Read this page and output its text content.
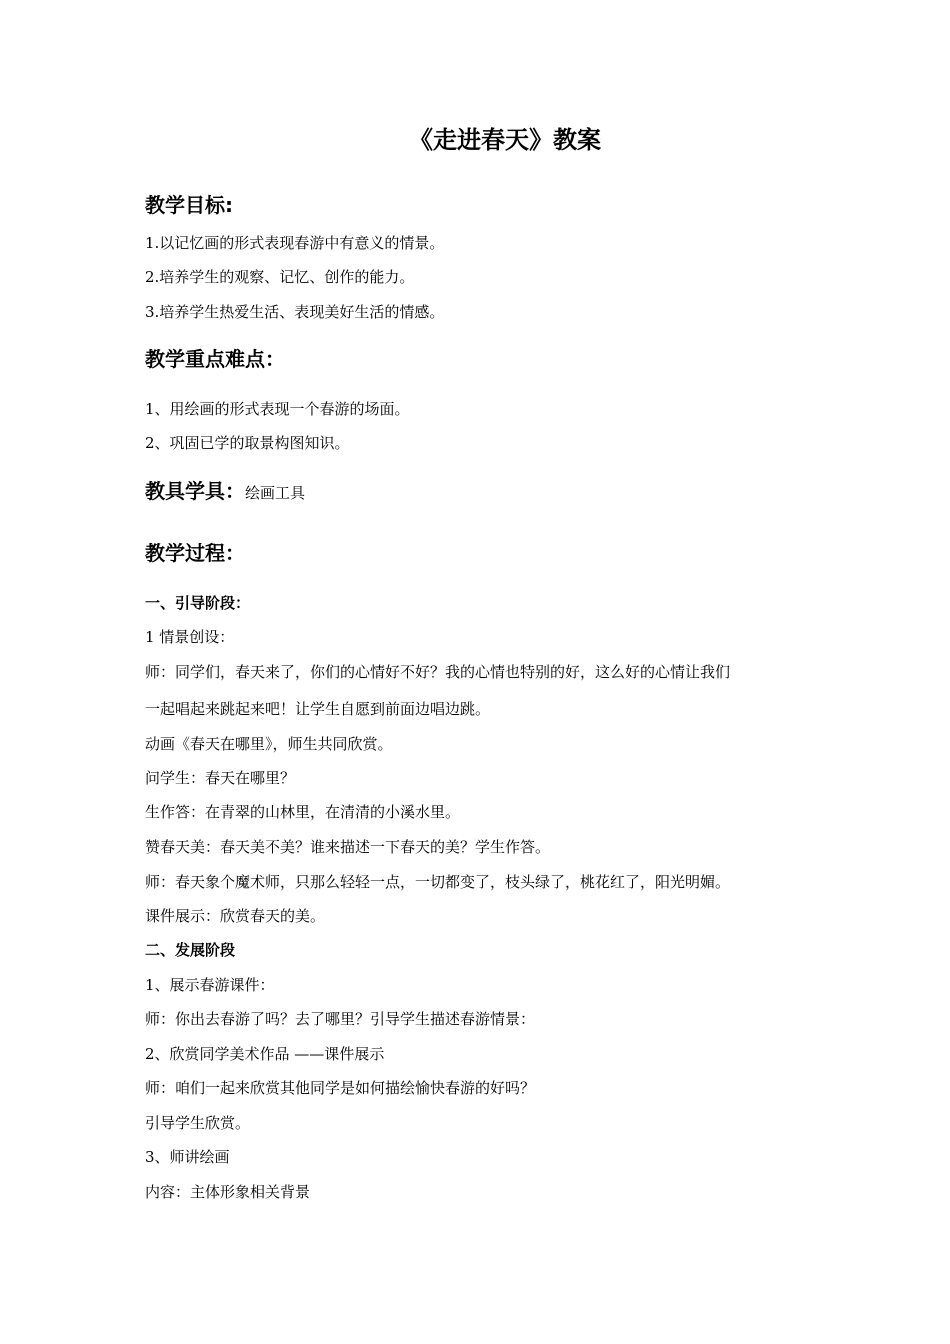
《走进春天》教案
教学目标:

1.以记忆画的形式表现春游中有意义的情景。

2.培养学生的观察、记忆、创作的能力。

3.培养学生热爱生活、表现美好生活的情感。

教学重点难点：

1、用绘画的形式表现一个春游的场面。

2、巩固已学的取景构图知识。

教具学具：绘画工具
教学过程：
一、引导阶段：

1 情景创设：

师：同学们，春天来了，你们的心情好不好？我的心情也特别的好，这么好的心情让我们

一起唱起来跳起来吧！让学生自愿到前面边唱边跳。

动画《春天在哪里》，师生共同欣赏。

问学生：春天在哪里？

生作答：在青翠的山林里，在清清的小溪水里。

赞春天美：春天美不美？谁来描述一下春天的美？学生作答。

师：春天象个魔术师，只那么轻轻一点，一切都变了，枝头绿了，桃花红了，阳光明媚。

课件展示：欣赏春天的美。

二、发展阶段

1、展示春游课件：

师：你出去春游了吗？去了哪里？引导学生描述春游情景：

2、欣赏同学美术作品 ——课件展示

师：咱们一起来欣赏其他同学是如何描绘愉快春游的好吗？

引导学生欣赏。

3、师讲绘画

内容：主体形象相关背景
